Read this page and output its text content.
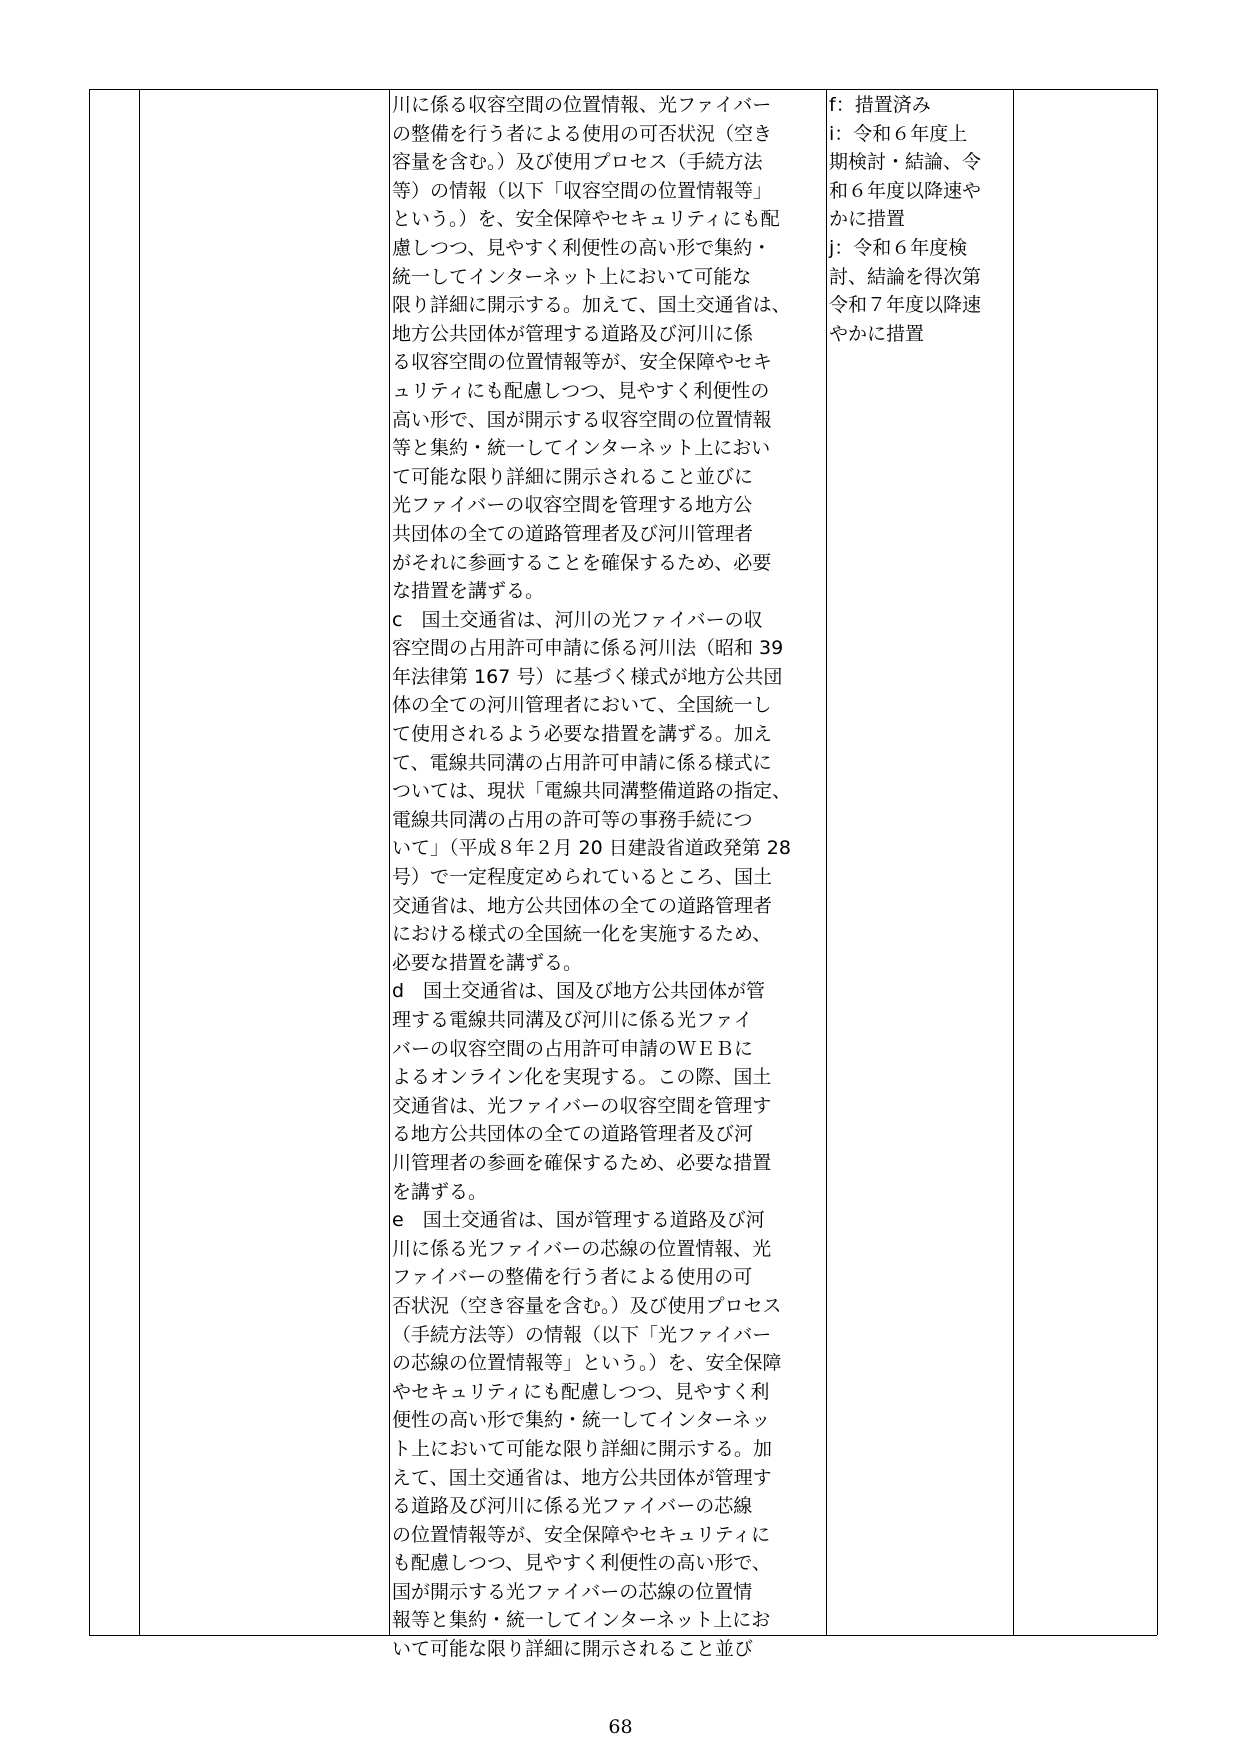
川に係る収容空間の位置情報、光ファイバー
の整備を行う者による使用の可否状況（空き
容量を含む。）及び使用プロセス（手続方法
等）の情報（以下「収容空間の位置情報等」
という。）を、安全保障やセキュリティにも配
慮しつつ、見やすく利便性の高い形で集約・
統一してインターネット上において可能な
限り詳細に開示する。加えて、国土交通省は、
地方公共団体が管理する道路及び河川に係
る収容空間の位置情報等が、安全保障やセキ
ュリティにも配慮しつつ、見やすく利便性の
高い形で、国が開示する収容空間の位置情報
等と集約・統一してインターネット上におい
て可能な限り詳細に開示されること並びに
光ファイバーの収容空間を管理する地方公
共団体の全ての道路管理者及び河川管理者
がそれに参画することを確保するため、必要
な措置を講ずる。
c　国土交通省は、河川の光ファイバーの収
容空間の占用許可申請に係る河川法（昭和 39
年法律第 167 号）に基づく様式が地方公共団
体の全ての河川管理者において、全国統一し
て使用されるよう必要な措置を講ずる。加え
て、電線共同溝の占用許可申請に係る様式に
ついては、現状「電線共同溝整備道路の指定、
電線共同溝の占用の許可等の事務手続につ
いて」（平成８年２月 20 日建設省道政発第 28
号）で一定程度定められているところ、国土
交通省は、地方公共団体の全ての道路管理者
における様式の全国統一化を実施するため、
必要な措置を講ずる。
d　国土交通省は、国及び地方公共団体が管
理する電線共同溝及び河川に係る光ファイ
バーの収容空間の占用許可申請のＷＥＢに
よるオンライン化を実現する。この際、国土
交通省は、光ファイバーの収容空間を管理す
る地方公共団体の全ての道路管理者及び河
川管理者の参画を確保するため、必要な措置
を講ずる。
e　国土交通省は、国が管理する道路及び河
川に係る光ファイバーの芯線の位置情報、光
ファイバーの整備を行う者による使用の可
否状況（空き容量を含む。）及び使用プロセス
（手続方法等）の情報（以下「光ファイバー
の芯線の位置情報等」という。）を、安全保障
やセキュリティにも配慮しつつ、見やすく利
便性の高い形で集約・統一してインターネッ
ト上において可能な限り詳細に開示する。加
えて、国土交通省は、地方公共団体が管理す
る道路及び河川に係る光ファイバーの芯線
の位置情報等が、安全保障やセキュリティに
も配慮しつつ、見やすく利便性の高い形で、
国が開示する光ファイバーの芯線の位置情
報等と集約・統一してインターネット上にお
いて可能な限り詳細に開示されること並び
f：措置済み
i：令和６年度上
期検討・結論、令
和６年度以降速や
かに措置
j：令和６年度検
討、結論を得次第
令和７年度以降速
やかに措置
68
